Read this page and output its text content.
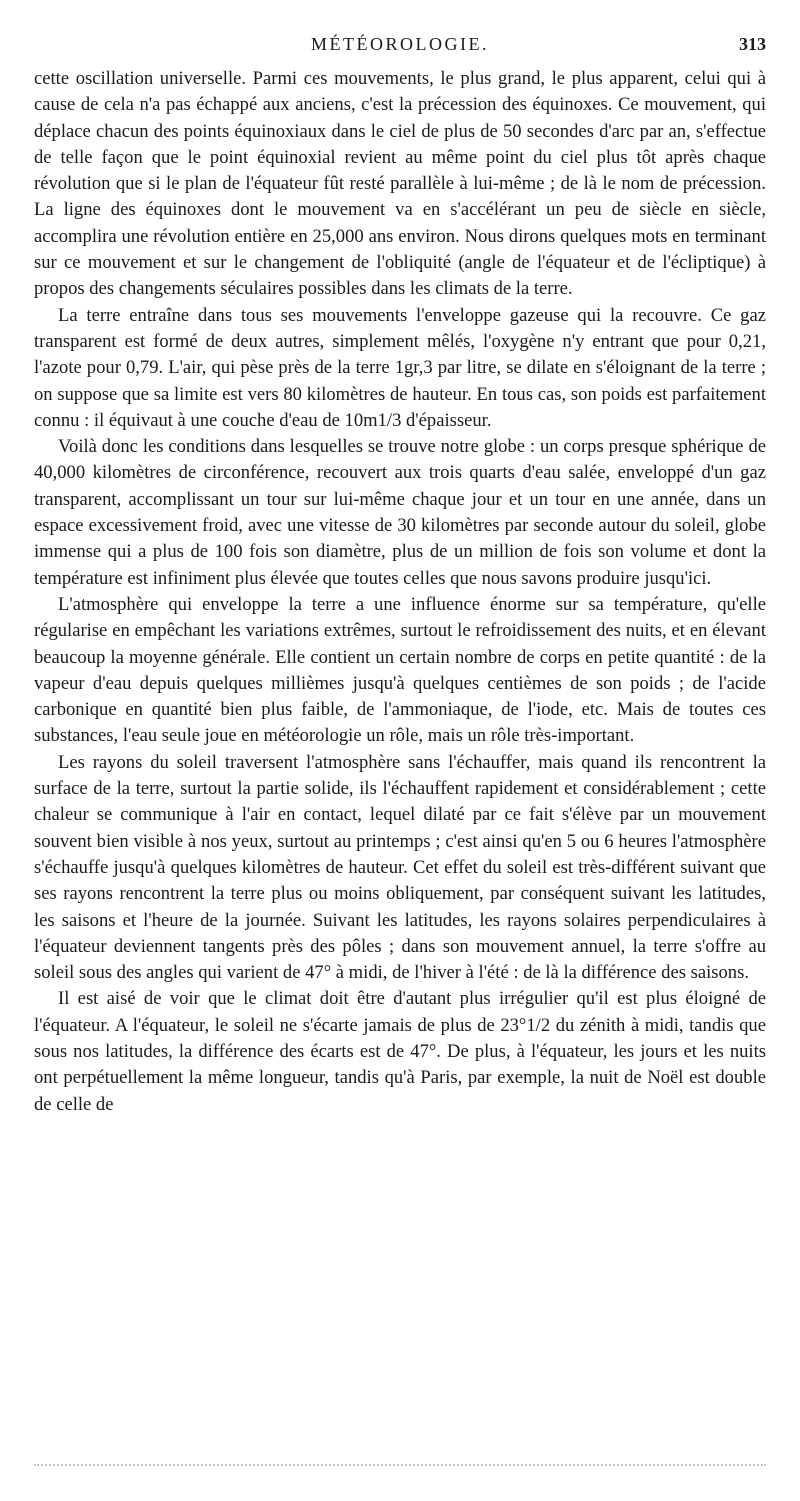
MÉTÉOROLOGIE.	313

cette oscillation universelle. Parmi ces mouvements, le plus grand, le plus apparent, celui qui à cause de cela n'a pas échappé aux anciens, c'est la précession des équinoxes. Ce mouvement, qui déplace chacun des points équinoxiaux dans le ciel de plus de 50 secondes d'arc par an, s'effectue de telle façon que le point équinoxial revient au même point du ciel plus tôt après chaque révolution que si le plan de l'équateur fût resté parallèle à lui-même ; de là le nom de précession. La ligne des équinoxes dont le mouvement va en s'accélérant un peu de siècle en siècle, accomplira une révolution entière en 25,000 ans environ. Nous dirons quelques mots en terminant sur ce mouvement et sur le changement de l'obliquité (angle de l'équateur et de l'écliptique) à propos des changements séculaires possibles dans les climats de la terre.

La terre entraîne dans tous ses mouvements l'enveloppe gazeuse qui la recouvre. Ce gaz transparent est formé de deux autres, simplement mêlés, l'oxygène n'y entrant que pour 0,21, l'azote pour 0,79. L'air, qui pèse près de la terre 1gr,3 par litre, se dilate en s'éloignant de la terre ; on suppose que sa limite est vers 80 kilomètres de hauteur. En tous cas, son poids est parfaitement connu : il équivaut à une couche d'eau de 10m1/3 d'épaisseur.

Voilà donc les conditions dans lesquelles se trouve notre globe : un corps presque sphérique de 40,000 kilomètres de circonférence, recouvert aux trois quarts d'eau salée, enveloppé d'un gaz transparent, accomplissant un tour sur lui-même chaque jour et un tour en une année, dans un espace excessivement froid, avec une vitesse de 30 kilomètres par seconde autour du soleil, globe immense qui a plus de 100 fois son diamètre, plus de un million de fois son volume et dont la température est infiniment plus élevée que toutes celles que nous savons produire jusqu'ici.

L'atmosphère qui enveloppe la terre a une influence énorme sur sa température, qu'elle régularise en empêchant les variations extrêmes, surtout le refroidissement des nuits, et en élevant beaucoup la moyenne générale. Elle contient un certain nombre de corps en petite quantité : de la vapeur d'eau depuis quelques millièmes jusqu'à quelques centièmes de son poids ; de l'acide carbonique en quantité bien plus faible, de l'ammoniaque, de l'iode, etc. Mais de toutes ces substances, l'eau seule joue en météorologie un rôle, mais un rôle très-important.

Les rayons du soleil traversent l'atmosphère sans l'échauffer, mais quand ils rencontrent la surface de la terre, surtout la partie solide, ils l'échauffent rapidement et considérablement ; cette chaleur se communique à l'air en contact, lequel dilaté par ce fait s'élève par un mouvement souvent bien visible à nos yeux, surtout au printemps ; c'est ainsi qu'en 5 ou 6 heures l'atmosphère s'échauffe jusqu'à quelques kilomètres de hauteur. Cet effet du soleil est très-différent suivant que ses rayons rencontrent la terre plus ou moins obliquement, par conséquent suivant les latitudes, les saisons et l'heure de la journée. Suivant les latitudes, les rayons solaires perpendiculaires à l'équateur deviennent tangents près des pôles ; dans son mouvement annuel, la terre s'offre au soleil sous des angles qui varient de 47° à midi, de l'hiver à l'été : de là la différence des saisons.

Il est aisé de voir que le climat doit être d'autant plus irrégulier qu'il est plus éloigné de l'équateur. A l'équateur, le soleil ne s'écarte jamais de plus de 23°1/2 du zénith à midi, tandis que sous nos latitudes, la différence des écarts est de 47°. De plus, à l'équateur, les jours et les nuits ont perpétuellement la même longueur, tandis qu'à Paris, par exemple, la nuit de Noël est double de celle de
